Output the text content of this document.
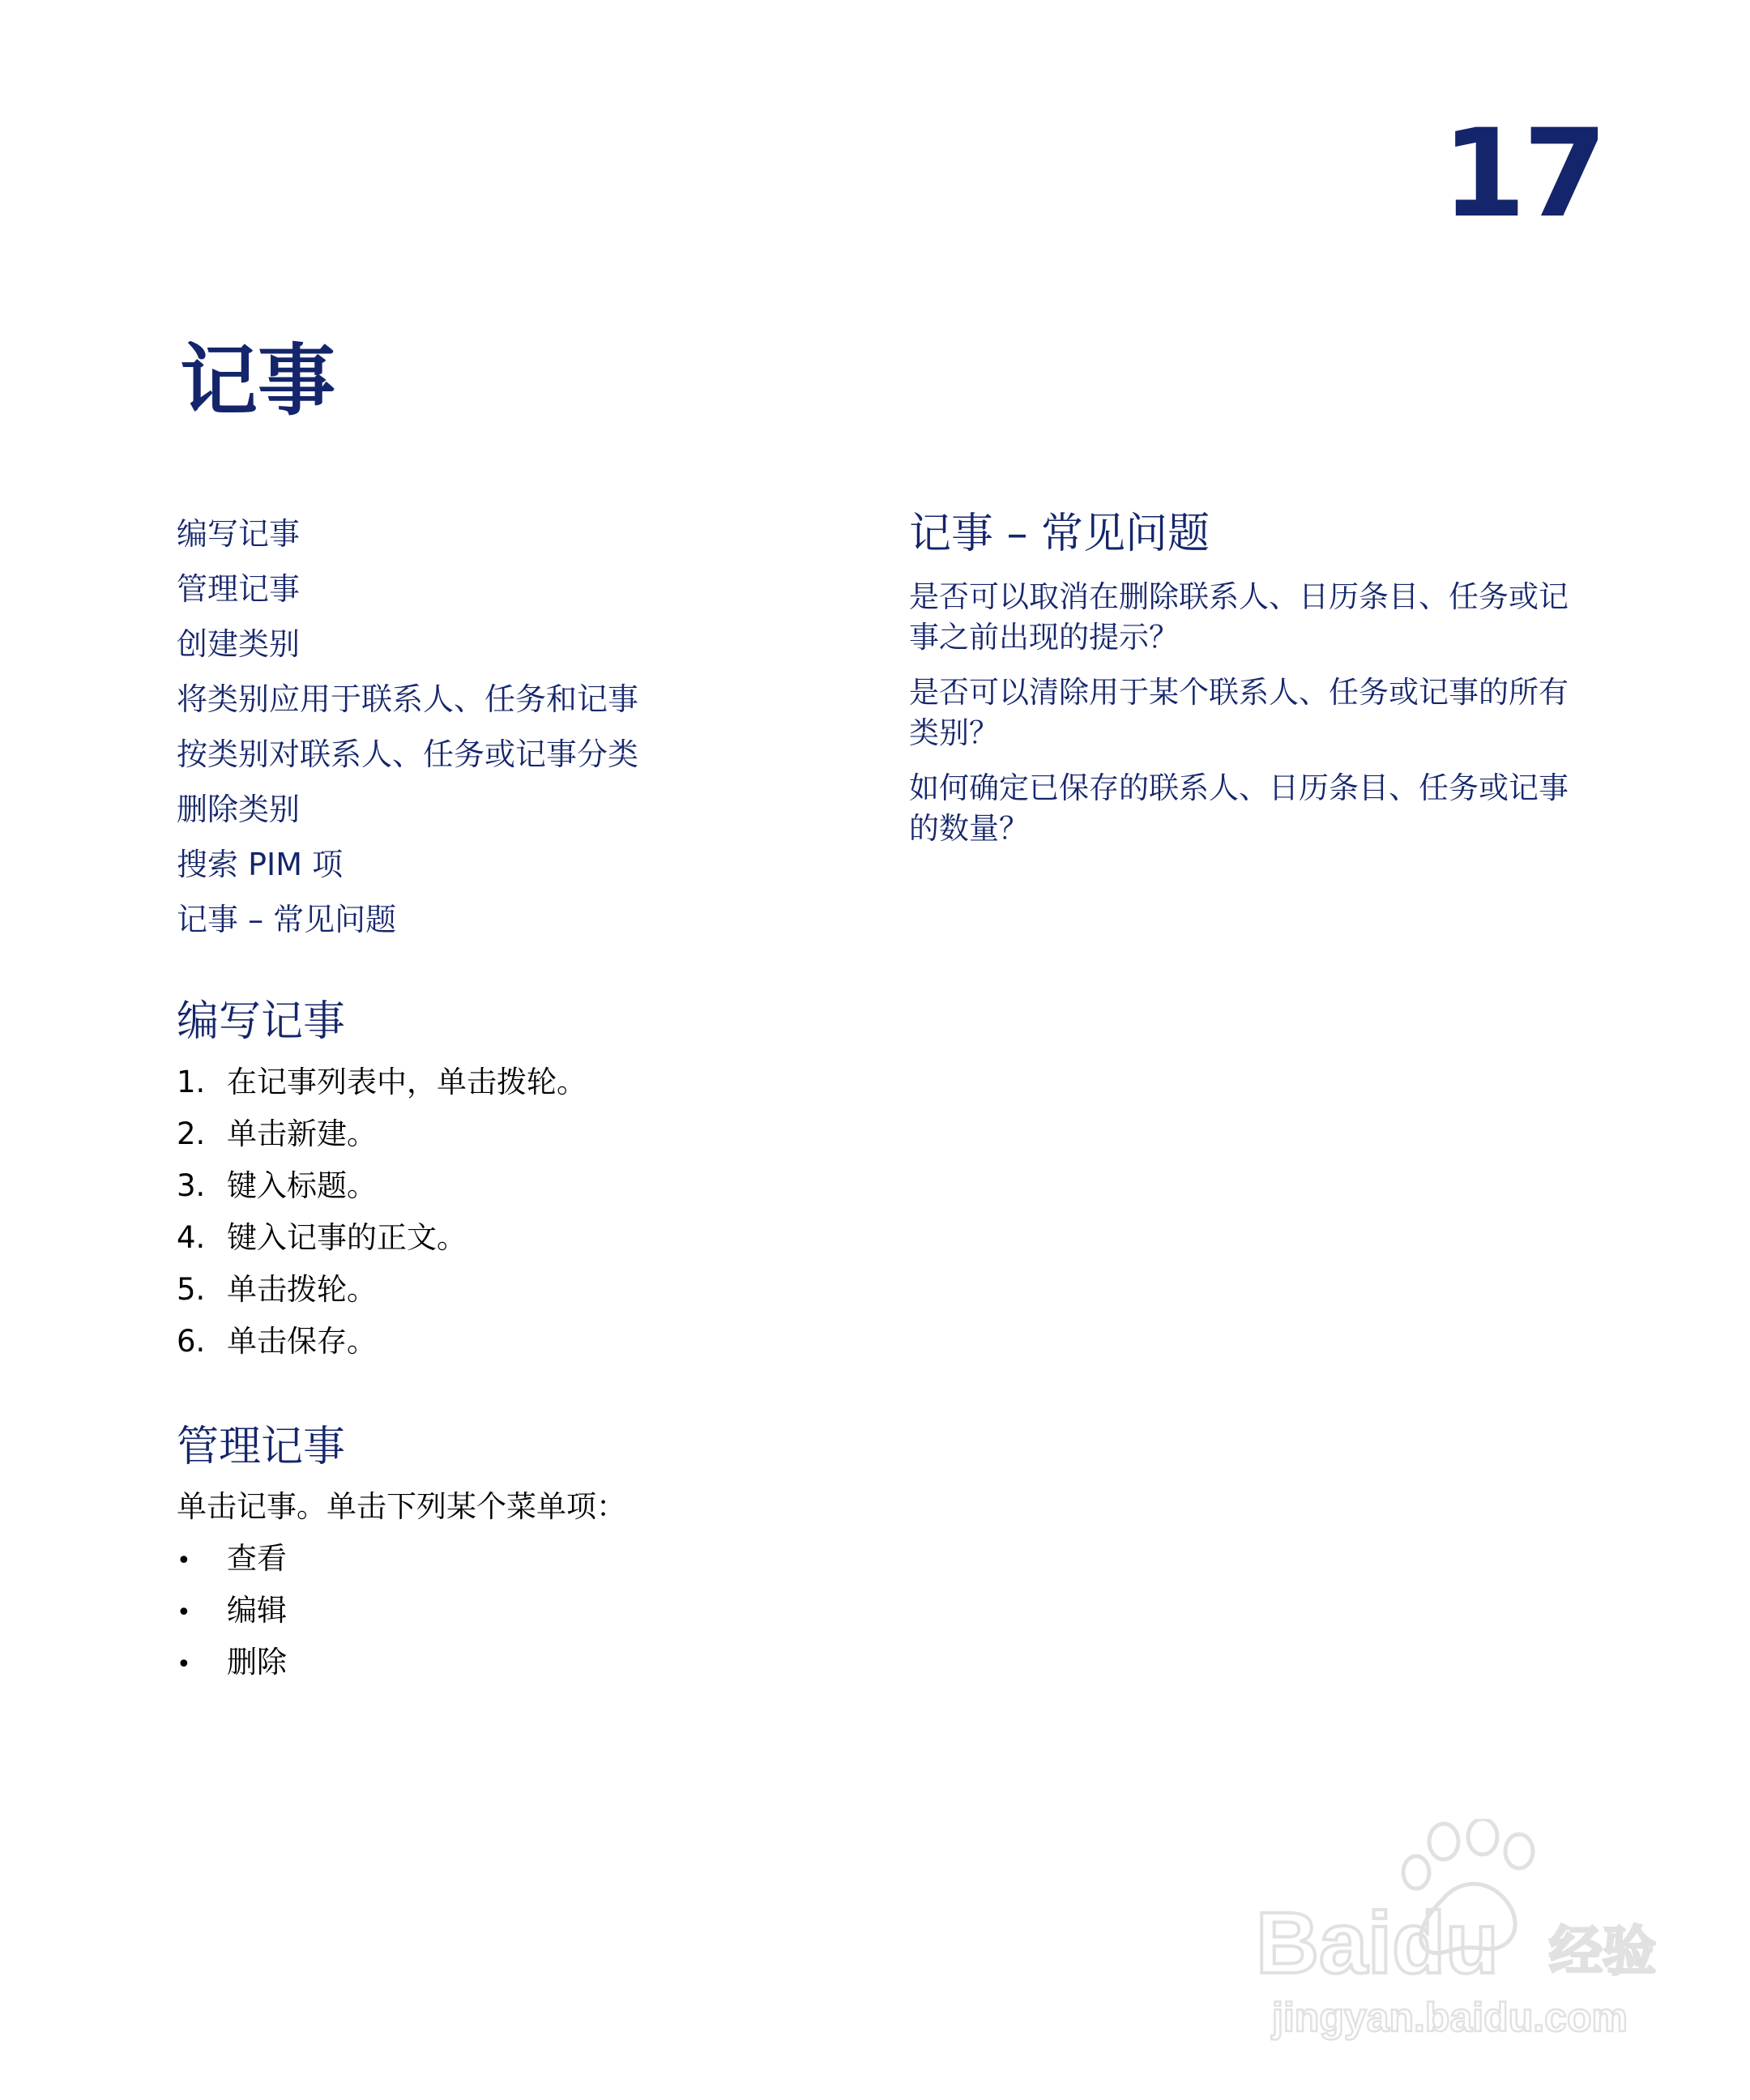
17
记事
编写记事
管理记事
创建类别
将类别应用于联系人、任务和记事
按类别对联系人、任务或记事分类
删除类别
搜索 PIM 项
记事 – 常见问题
编写记事
1. 在记事列表中，单击拨轮。
2. 单击新建。
3. 键入标题。
4. 键入记事的正文。
5. 单击拨轮。
6. 单击保存。
管理记事
单击记事。单击下列某个菜单项：
• 查看
• 编辑
• 删除
记事 – 常见问题
是否可以取消在删除联系人、日历条目、任务或记事之前出现的提示？
是否可以清除用于某个联系人、任务或记事的所有类别？
如何确定已保存的联系人、日历条目、任务或记事的数量？
Baidu 经验
jingyan.baidu.com
